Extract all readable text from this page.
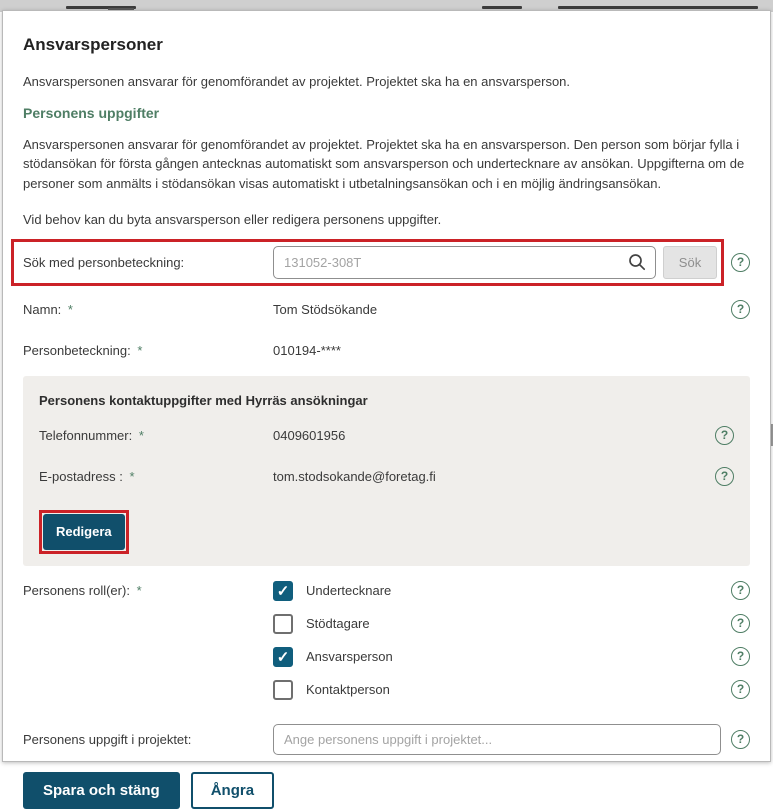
Ansvarspersoner

Ansvarspersonen ansvarar för genomförandet av projektet. Projektet ska ha en ansvarsperson.

Personens uppgifter

Ansvarspersonen ansvarar för genomförandet av projektet. Projektet ska ha en ansvarsperson. Den person som börjar fylla i stödansökan för första gången antecknas automatiskt som ansvarsperson och undertecknare av ansökan. Uppgifterna om de personer som anmälts i stödansökan visas automatiskt i utbetalningsansökan och i en möjlig ändringsansökan.

Vid behov kan du byta ansvarsperson eller redigera personens uppgifter.

Sök med personbeteckning:
131052-308T	Sök	?
Namn: *	Tom Stödsökande	?
Personbeteckning: *	010194-****
Personens kontaktuppgifter med Hyrräs ansökningar
Telefonnummer: *	0409601956	?
E-postadress : *	tom.stodsokande@foretag.fi	?
Redigera
Personens roll(er): *	✓ Undertecknare	?
Stödtagare	?
✓ Ansvarsperson	?
Kontaktperson	?
Personens uppgift i projektet:
Ange personens uppgift i projektet...	?
Spara och stäng	Ångra
